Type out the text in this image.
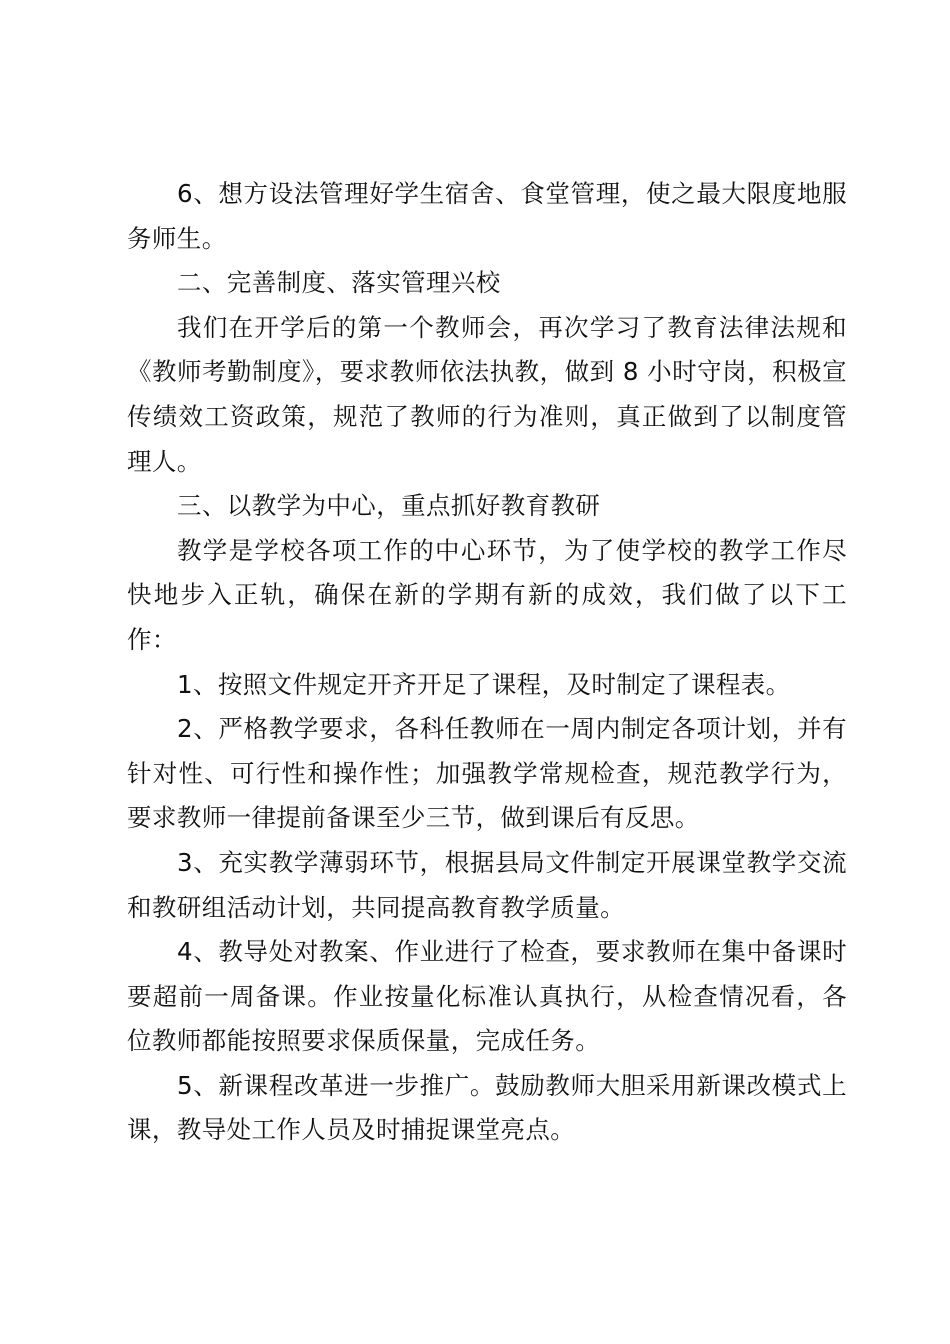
6、想方设法管理好学生宿舍、食堂管理，使之最大限度地服务师生。

二、完善制度、落实管理兴校

我们在开学后的第一个教师会，再次学习了教育法律法规和《教师考勤制度》，要求教师依法执教，做到 8 小时守岗，积极宣传绩效工资政策，规范了教师的行为准则，真正做到了以制度管理人。

三、以教学为中心，重点抓好教育教研

教学是学校各项工作的中心环节，为了使学校的教学工作尽快地步入正轨，确保在新的学期有新的成效，我们做了以下工作：

1、按照文件规定开齐开足了课程，及时制定了课程表。

2、严格教学要求，各科任教师在一周内制定各项计划，并有针对性、可行性和操作性；加强教学常规检查，规范教学行为，要求教师一律提前备课至少三节，做到课后有反思。

3、充实教学薄弱环节，根据县局文件制定开展课堂教学交流和教研组活动计划，共同提高教育教学质量。

4、教导处对教案、作业进行了检查，要求教师在集中备课时要超前一周备课。作业按量化标准认真执行，从检查情况看，各位教师都能按照要求保质保量，完成任务。

5、新课程改革进一步推广。鼓励教师大胆采用新课改模式上课，教导处工作人员及时捕捉课堂亮点。
